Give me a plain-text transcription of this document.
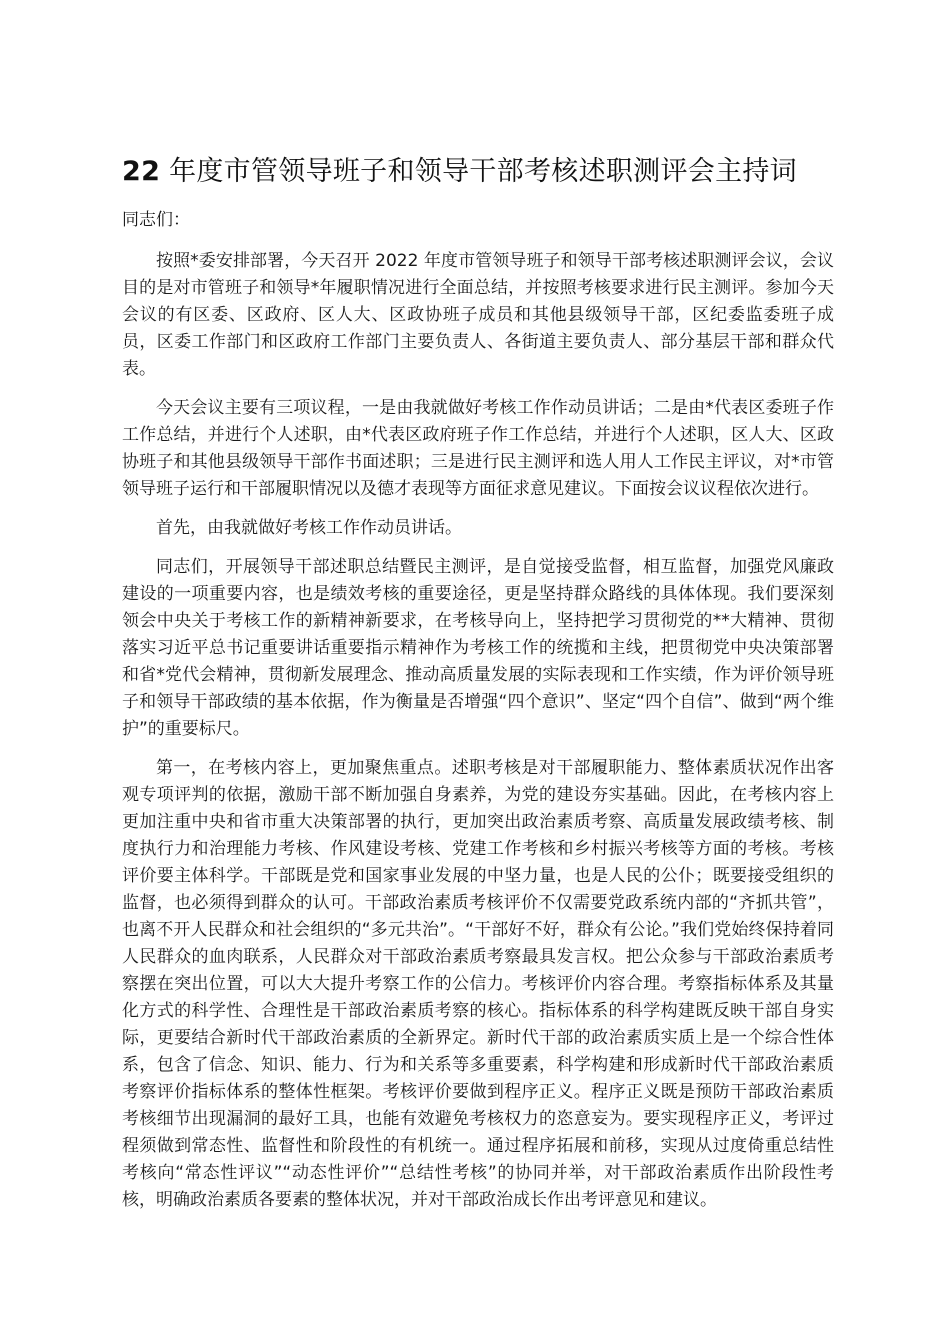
22 年度市管领导班子和领导干部考核述职测评会主持词

同志们：

按照*委安排部署，今天召开 2022 年度市管领导班子和领导干部考核述职测评会议，会议目的是对市管班子和领导*年履职情况进行全面总结，并按照考核要求进行民主测评。参加今天会议的有区委、区政府、区人大、区政协班子成员和其他县级领导干部，区纪委监委班子成员，区委工作部门和区政府工作部门主要负责人、各街道主要负责人、部分基层干部和群众代表。

今天会议主要有三项议程，一是由我就做好考核工作作动员讲话；二是由*代表区委班子作工作总结，并进行个人述职，由*代表区政府班子作工作总结，并进行个人述职，区人大、区政协班子和其他县级领导干部作书面述职；三是进行民主测评和选人用人工作民主评议，对*市管领导班子运行和干部履职情况以及德才表现等方面征求意见建议。下面按会议议程依次进行。

首先，由我就做好考核工作作动员讲话。

同志们，开展领导干部述职总结暨民主测评，是自觉接受监督，相互监督，加强党风廉政建设的一项重要内容，也是绩效考核的重要途径，更是坚持群众路线的具体体现。我们要深刻领会中央关于考核工作的新精神新要求，在考核导向上，坚持把学习贯彻党的**大精神、贯彻落实习近平总书记重要讲话重要指示精神作为考核工作的统揽和主线，把贯彻党中央决策部署和省*党代会精神，贯彻新发展理念、推动高质量发展的实际表现和工作实绩，作为评价领导班子和领导干部政绩的基本依据，作为衡量是否增强“四个意识”、坚定“四个自信”、做到“两个维护”的重要标尺。

第一，在考核内容上，更加聚焦重点。述职考核是对干部履职能力、整体素质状况作出客观专项评判的依据，激励干部不断加强自身素养，为党的建设夯实基础。因此，在考核内容上更加注重中央和省市重大决策部署的执行，更加突出政治素质考察、高质量发展政绩考核、制度执行力和治理能力考核、作风建设考核、党建工作考核和乡村振兴考核等方面的考核。考核评价要主体科学。干部既是党和国家事业发展的中坚力量，也是人民的公仆；既要接受组织的监督，也必须得到群众的认可。干部政治素质考核评价不仅需要党政系统内部的“齐抓共管”，也离不开人民群众和社会组织的“多元共治”。“干部好不好，群众有公论。”我们党始终保持着同人民群众的血肉联系，人民群众对干部政治素质考察最具发言权。把公众参与干部政治素质考察摆在突出位置，可以大大提升考察工作的公信力。考核评价内容合理。考察指标体系及其量化方式的科学性、合理性是干部政治素质考察的核心。指标体系的科学构建既反映干部自身实际，更要结合新时代干部政治素质的全新界定。新时代干部的政治素质实质上是一个综合性体系，包含了信念、知识、能力、行为和关系等多重要素，科学构建和形成新时代干部政治素质考察评价指标体系的整体性框架。考核评价要做到程序正义。程序正义既是预防干部政治素质考核细节出现漏洞的最好工具，也能有效避免考核权力的恣意妄为。要实现程序正义，考评过程须做到常态性、监督性和阶段性的有机统一。通过程序拓展和前移，实现从过度倚重总结性考核向“常态性评议”“动态性评价”“总结性考核”的协同并举，对干部政治素质作出阶段性考核，明确政治素质各要素的整体状况，并对干部政治成长作出考评意见和建议。
